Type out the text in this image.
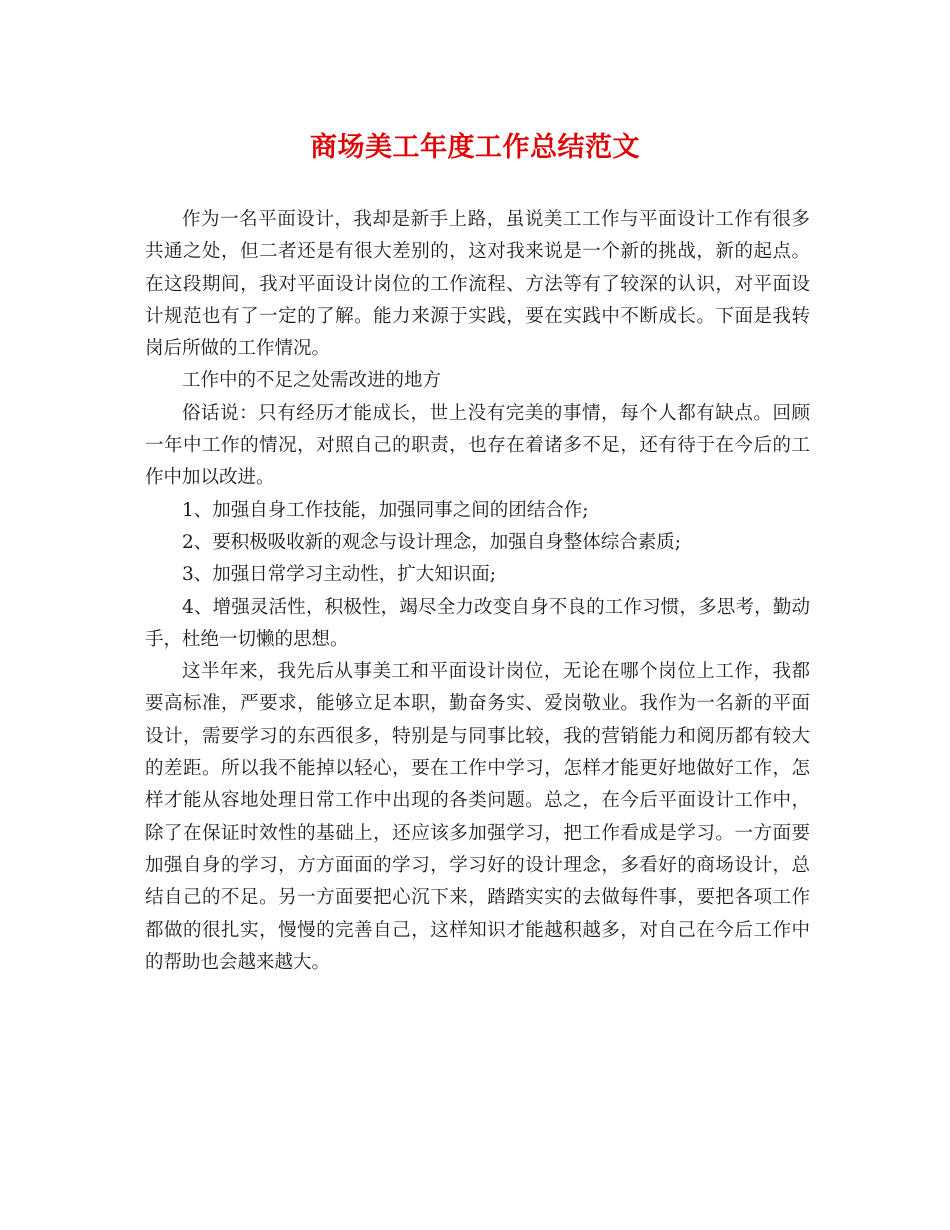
商场美工年度工作总结范文

作为一名平面设计，我却是新手上路，虽说美工工作与平面设计工作有很多共通之处，但二者还是有很大差别的，这对我来说是一个新的挑战，新的起点。在这段期间，我对平面设计岗位的工作流程、方法等有了较深的认识，对平面设计规范也有了一定的了解。能力来源于实践，要在实践中不断成长。下面是我转岗后所做的工作情况。

工作中的不足之处需改进的地方

俗话说：只有经历才能成长，世上没有完美的事情，每个人都有缺点。回顾一年中工作的情况，对照自己的职责，也存在着诸多不足，还有待于在今后的工作中加以改进。

1、加强自身工作技能，加强同事之间的团结合作;

2、要积极吸收新的观念与设计理念，加强自身整体综合素质;

3、加强日常学习主动性，扩大知识面;

4、增强灵活性，积极性，竭尽全力改变自身不良的工作习惯，多思考，勤动手，杜绝一切懒的思想。

这半年来，我先后从事美工和平面设计岗位，无论在哪个岗位上工作，我都要高标准，严要求，能够立足本职，勤奋务实、爱岗敬业。我作为一名新的平面设计，需要学习的东西很多，特别是与同事比较，我的营销能力和阅历都有较大的差距。所以我不能掉以轻心，要在工作中学习，怎样才能更好地做好工作，怎样才能从容地处理日常工作中出现的各类问题。总之，在今后平面设计工作中，除了在保证时效性的基础上，还应该多加强学习，把工作看成是学习。一方面要加强自身的学习，方方面面的学习，学习好的设计理念，多看好的商场设计，总结自己的不足。另一方面要把心沉下来，踏踏实实的去做每件事，要把各项工作都做的很扎实，慢慢的完善自己，这样知识才能越积越多，对自己在今后工作中的帮助也会越来越大。
